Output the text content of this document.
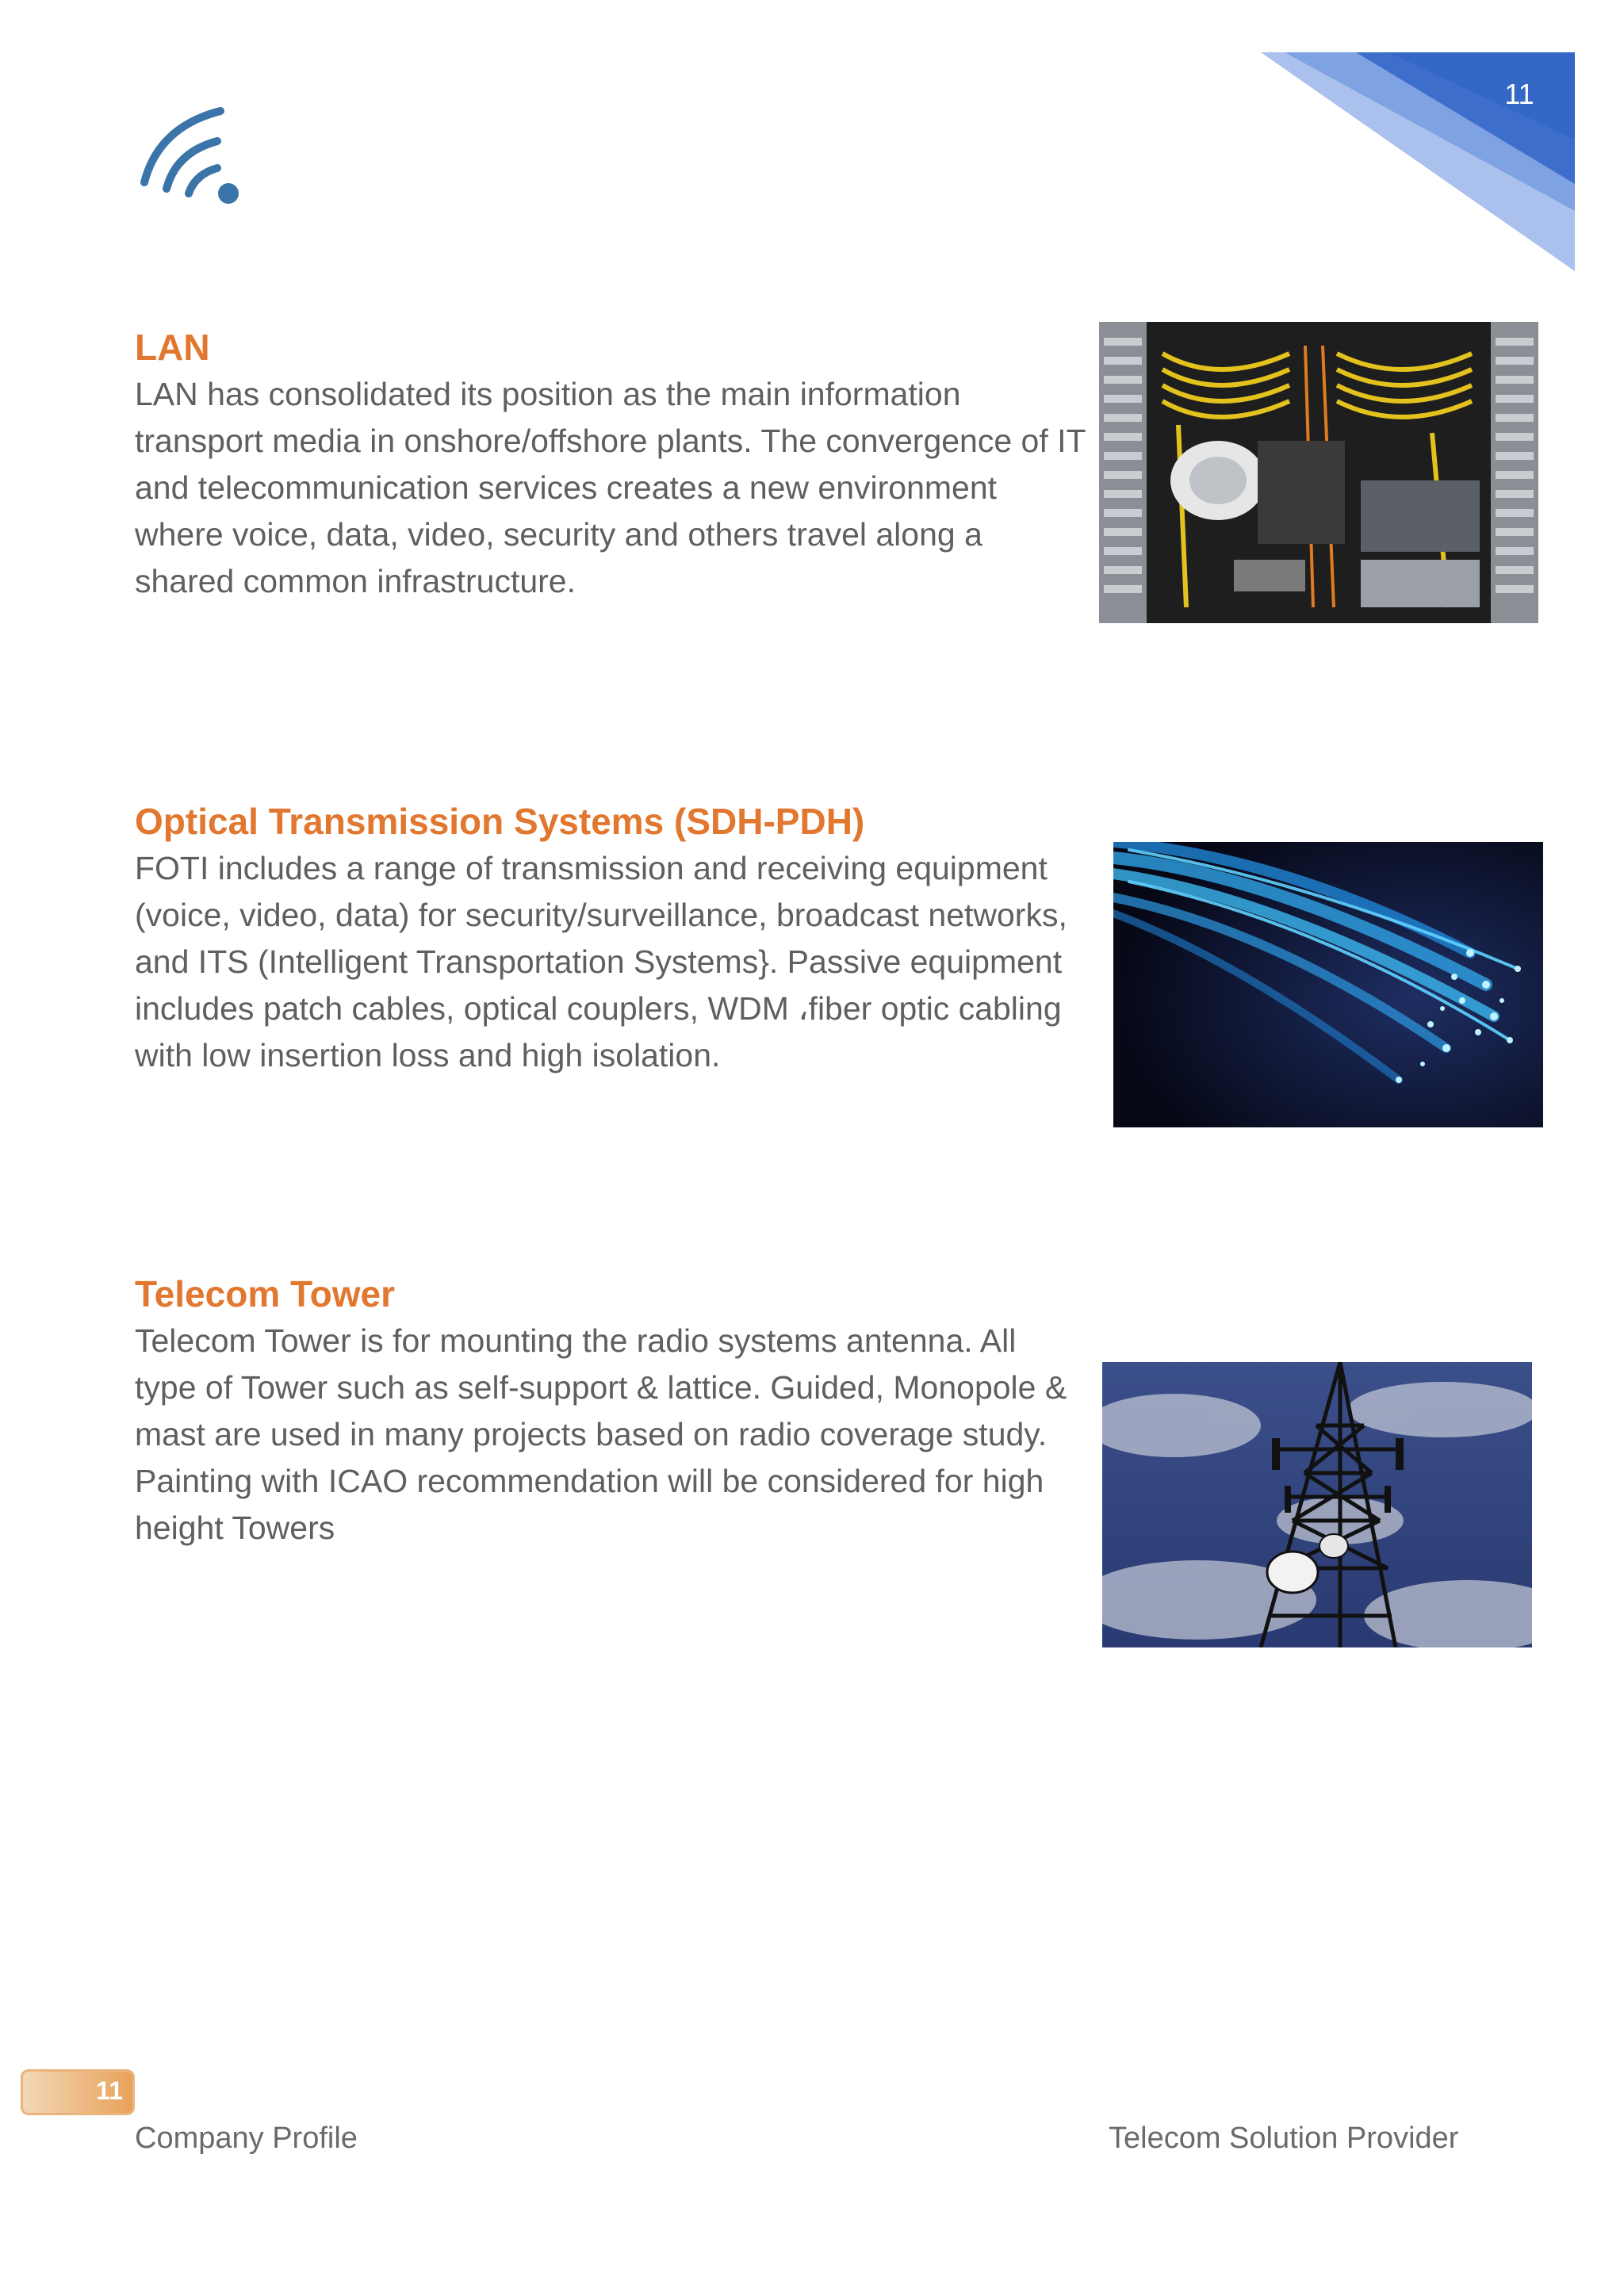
11
LAN

LAN has consolidated its position as the main information transport media in onshore/offshore plants. The convergence of IT and telecommunication services creates a new environment where voice, data, video, security and others travel along a shared common infrastructure.

Optical Transmission Systems (SDH-PDH)

FOTI includes a range of transmission and receiving equipment (voice, video, data) for security/surveillance, broadcast networks, and ITS (Intelligent Transportation Systems}. Passive equipment includes patch cables, optical couplers, WDM ،fiber optic cabling with low insertion loss and high isolation.

Telecom Tower

Telecom Tower is for mounting the radio systems antenna. All type of Tower such as self-support & lattice. Guided, Monopole & mast are used in many projects based on radio coverage study. Painting with ICAO recommendation will be considered for high height Towers

11
Company Profile	Telecom Solution Provider
